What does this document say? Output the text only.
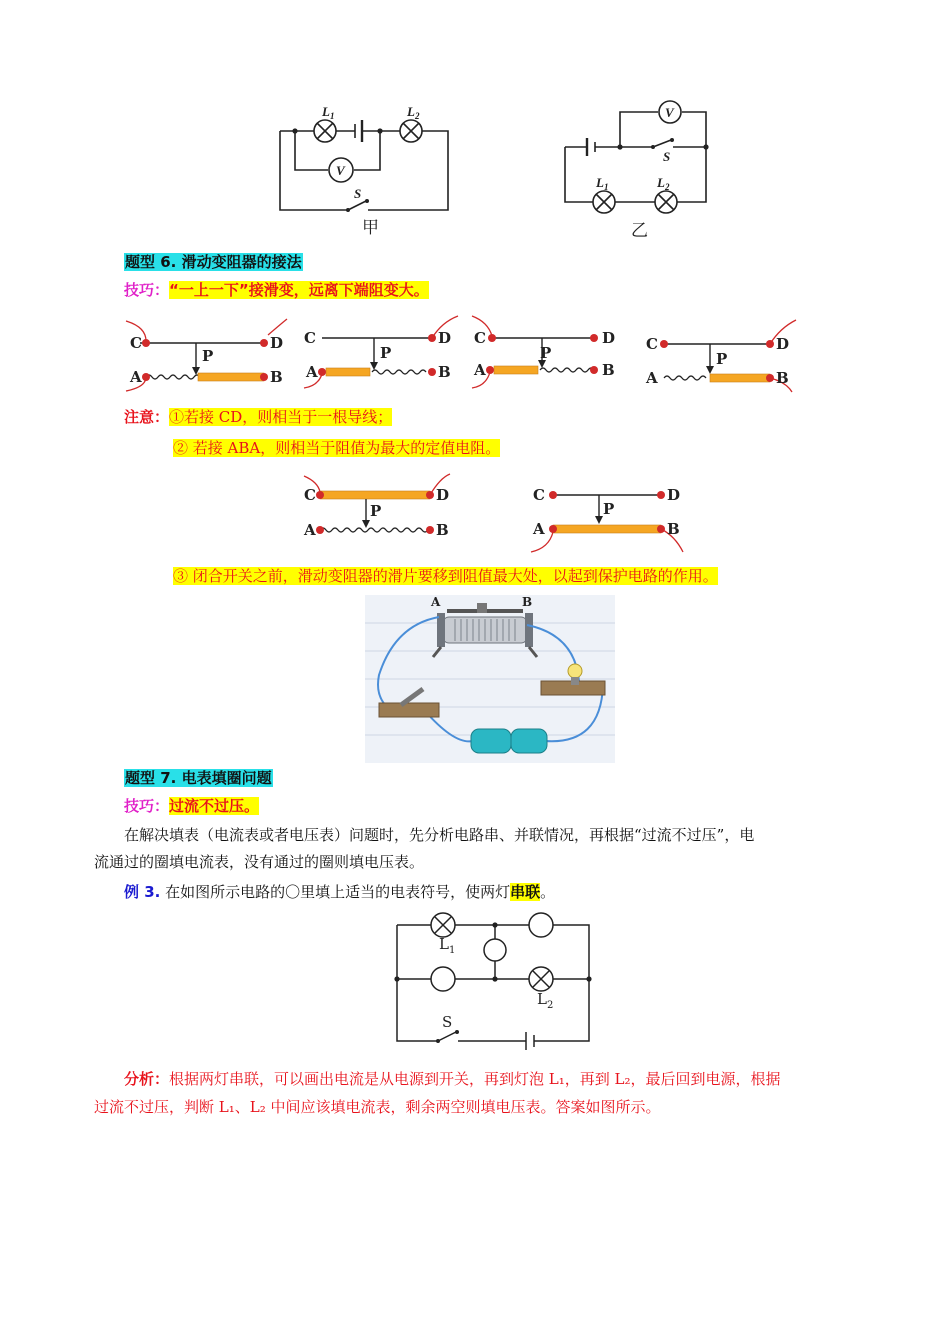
$L_1$	$L_2$
V
S
甲
V
S
$L_1$	$L_2$
乙
题型 6. 滑动变阻器的接法
技巧：“一上一下”接滑变，远离下端阻变大。
C	D
A	B
P
C	D
A	B
P
C	D
A	B
P	C	D
A	B
P
注意：①若接 CD，则相当于一根导线；
② 若接 ABA，则相当于阻值为最大的定值电阻。
C	D
A	B
P
C	D
A	B
P
③ 闭合开关之前，滑动变阻器的滑片要移到阻值最大处，以起到保护电路的作用。
A	B
题型 7. 电表填圈问题
技巧：过流不过压。
在解决填表（电流表或者电压表）问题时，先分析电路串、并联情况，再根据“过流不过压”，电
流通过的圈填电流表，没有通过的圈则填电压表。
例 3. 在如图所示电路的〇里填上适当的电表符号，使两灯串联。
$L_1$
$L_2$
S
分析：根据两灯串联，可以画出电流是从电源到开关，再到灯泡 L₁，再到 L₂，最后回到电源，根据
过流不过压，判断 L₁、L₂ 中间应该填电流表，剩余两空则填电压表。答案如图所示。
